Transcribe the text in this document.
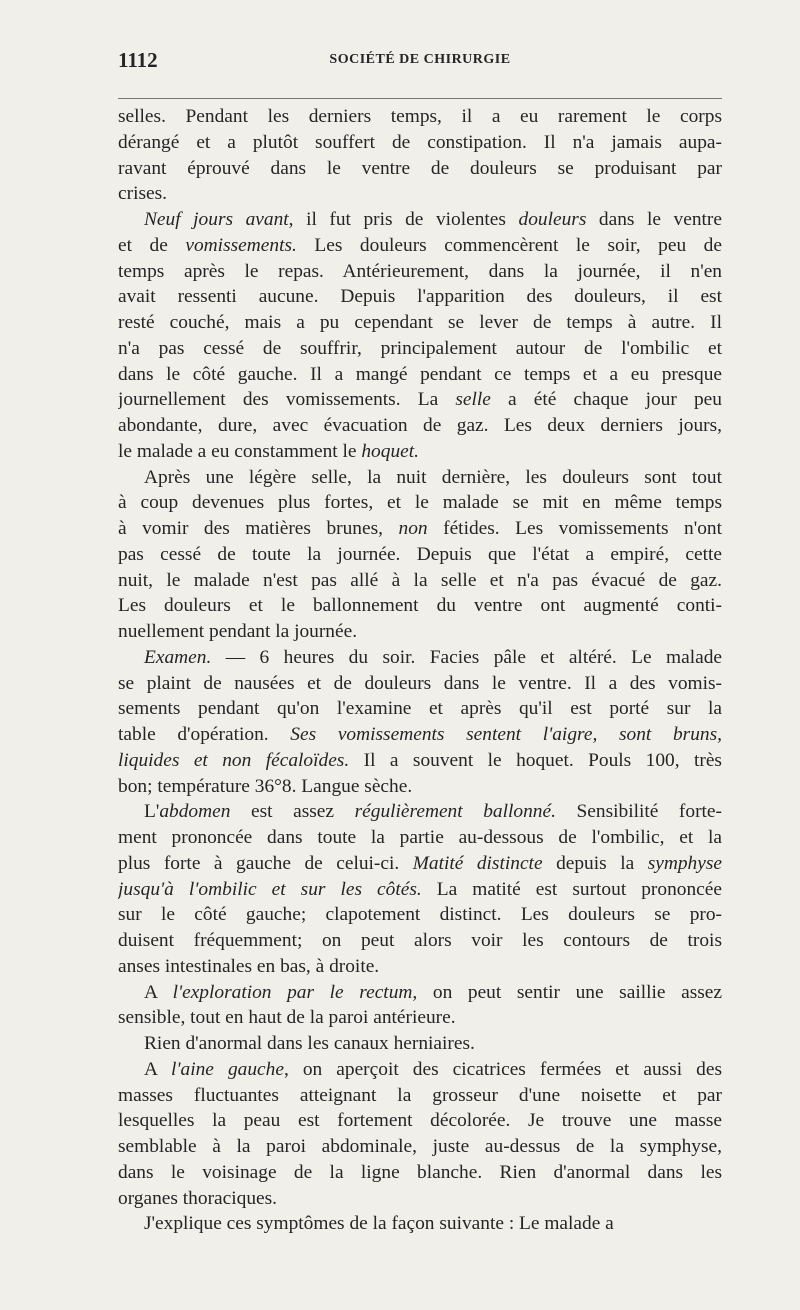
1112	SOCIÉTÉ DE CHIRURGIE
selles. Pendant les derniers temps, il a eu rarement le corps
dérangé et a plutôt souffert de constipation. Il n'a jamais aupa-
ravant éprouvé dans le ventre de douleurs se produisant par
crises.
Neuf jours avant, il fut pris de violentes douleurs dans le ventre
et de vomissements. Les douleurs commencèrent le soir, peu de
temps après le repas. Antérieurement, dans la journée, il n'en
avait ressenti aucune. Depuis l'apparition des douleurs, il est
resté couché, mais a pu cependant se lever de temps à autre. Il
n'a pas cessé de souffrir, principalement autour de l'ombilic et
dans le côté gauche. Il a mangé pendant ce temps et a eu presque
journellement des vomissements. La selle a été chaque jour peu
abondante, dure, avec évacuation de gaz. Les deux derniers jours,
le malade a eu constamment le hoquet.
Après une légère selle, la nuit dernière, les douleurs sont tout
à coup devenues plus fortes, et le malade se mit en même temps
à vomir des matières brunes, non fétides. Les vomissements n'ont
pas cessé de toute la journée. Depuis que l'état a empiré, cette
nuit, le malade n'est pas allé à la selle et n'a pas évacué de gaz.
Les douleurs et le ballonnement du ventre ont augmenté conti-
nuellement pendant la journée.
Examen. — 6 heures du soir. Facies pâle et altéré. Le malade
se plaint de nausées et de douleurs dans le ventre. Il a des vomis-
sements pendant qu'on l'examine et après qu'il est porté sur la
table d'opération. Ses vomissements sentent l'aigre, sont bruns,
liquides et non fécaloïdes. Il a souvent le hoquet. Pouls 100, très
bon; température 36°8. Langue sèche.
L'abdomen est assez régulièrement ballonné. Sensibilité forte-
ment prononcée dans toute la partie au-dessous de l'ombilic, et la
plus forte à gauche de celui-ci. Matité distincte depuis la symphyse
jusqu'à l'ombilic et sur les côtés. La matité est surtout prononcée
sur le côté gauche; clapotement distinct. Les douleurs se pro-
duisent fréquemment; on peut alors voir les contours de trois
anses intestinales en bas, à droite.
A l'exploration par le rectum, on peut sentir une saillie assez
sensible, tout en haut de la paroi antérieure.
Rien d'anormal dans les canaux herniaires.
A l'aine gauche, on aperçoit des cicatrices fermées et aussi des
masses fluctuantes atteignant la grosseur d'une noisette et par
lesquelles la peau est fortement décolorée. Je trouve une masse
semblable à la paroi abdominale, juste au-dessus de la symphyse,
dans le voisinage de la ligne blanche. Rien d'anormal dans les
organes thoraciques.
J'explique ces symptômes de la façon suivante : Le malade a
